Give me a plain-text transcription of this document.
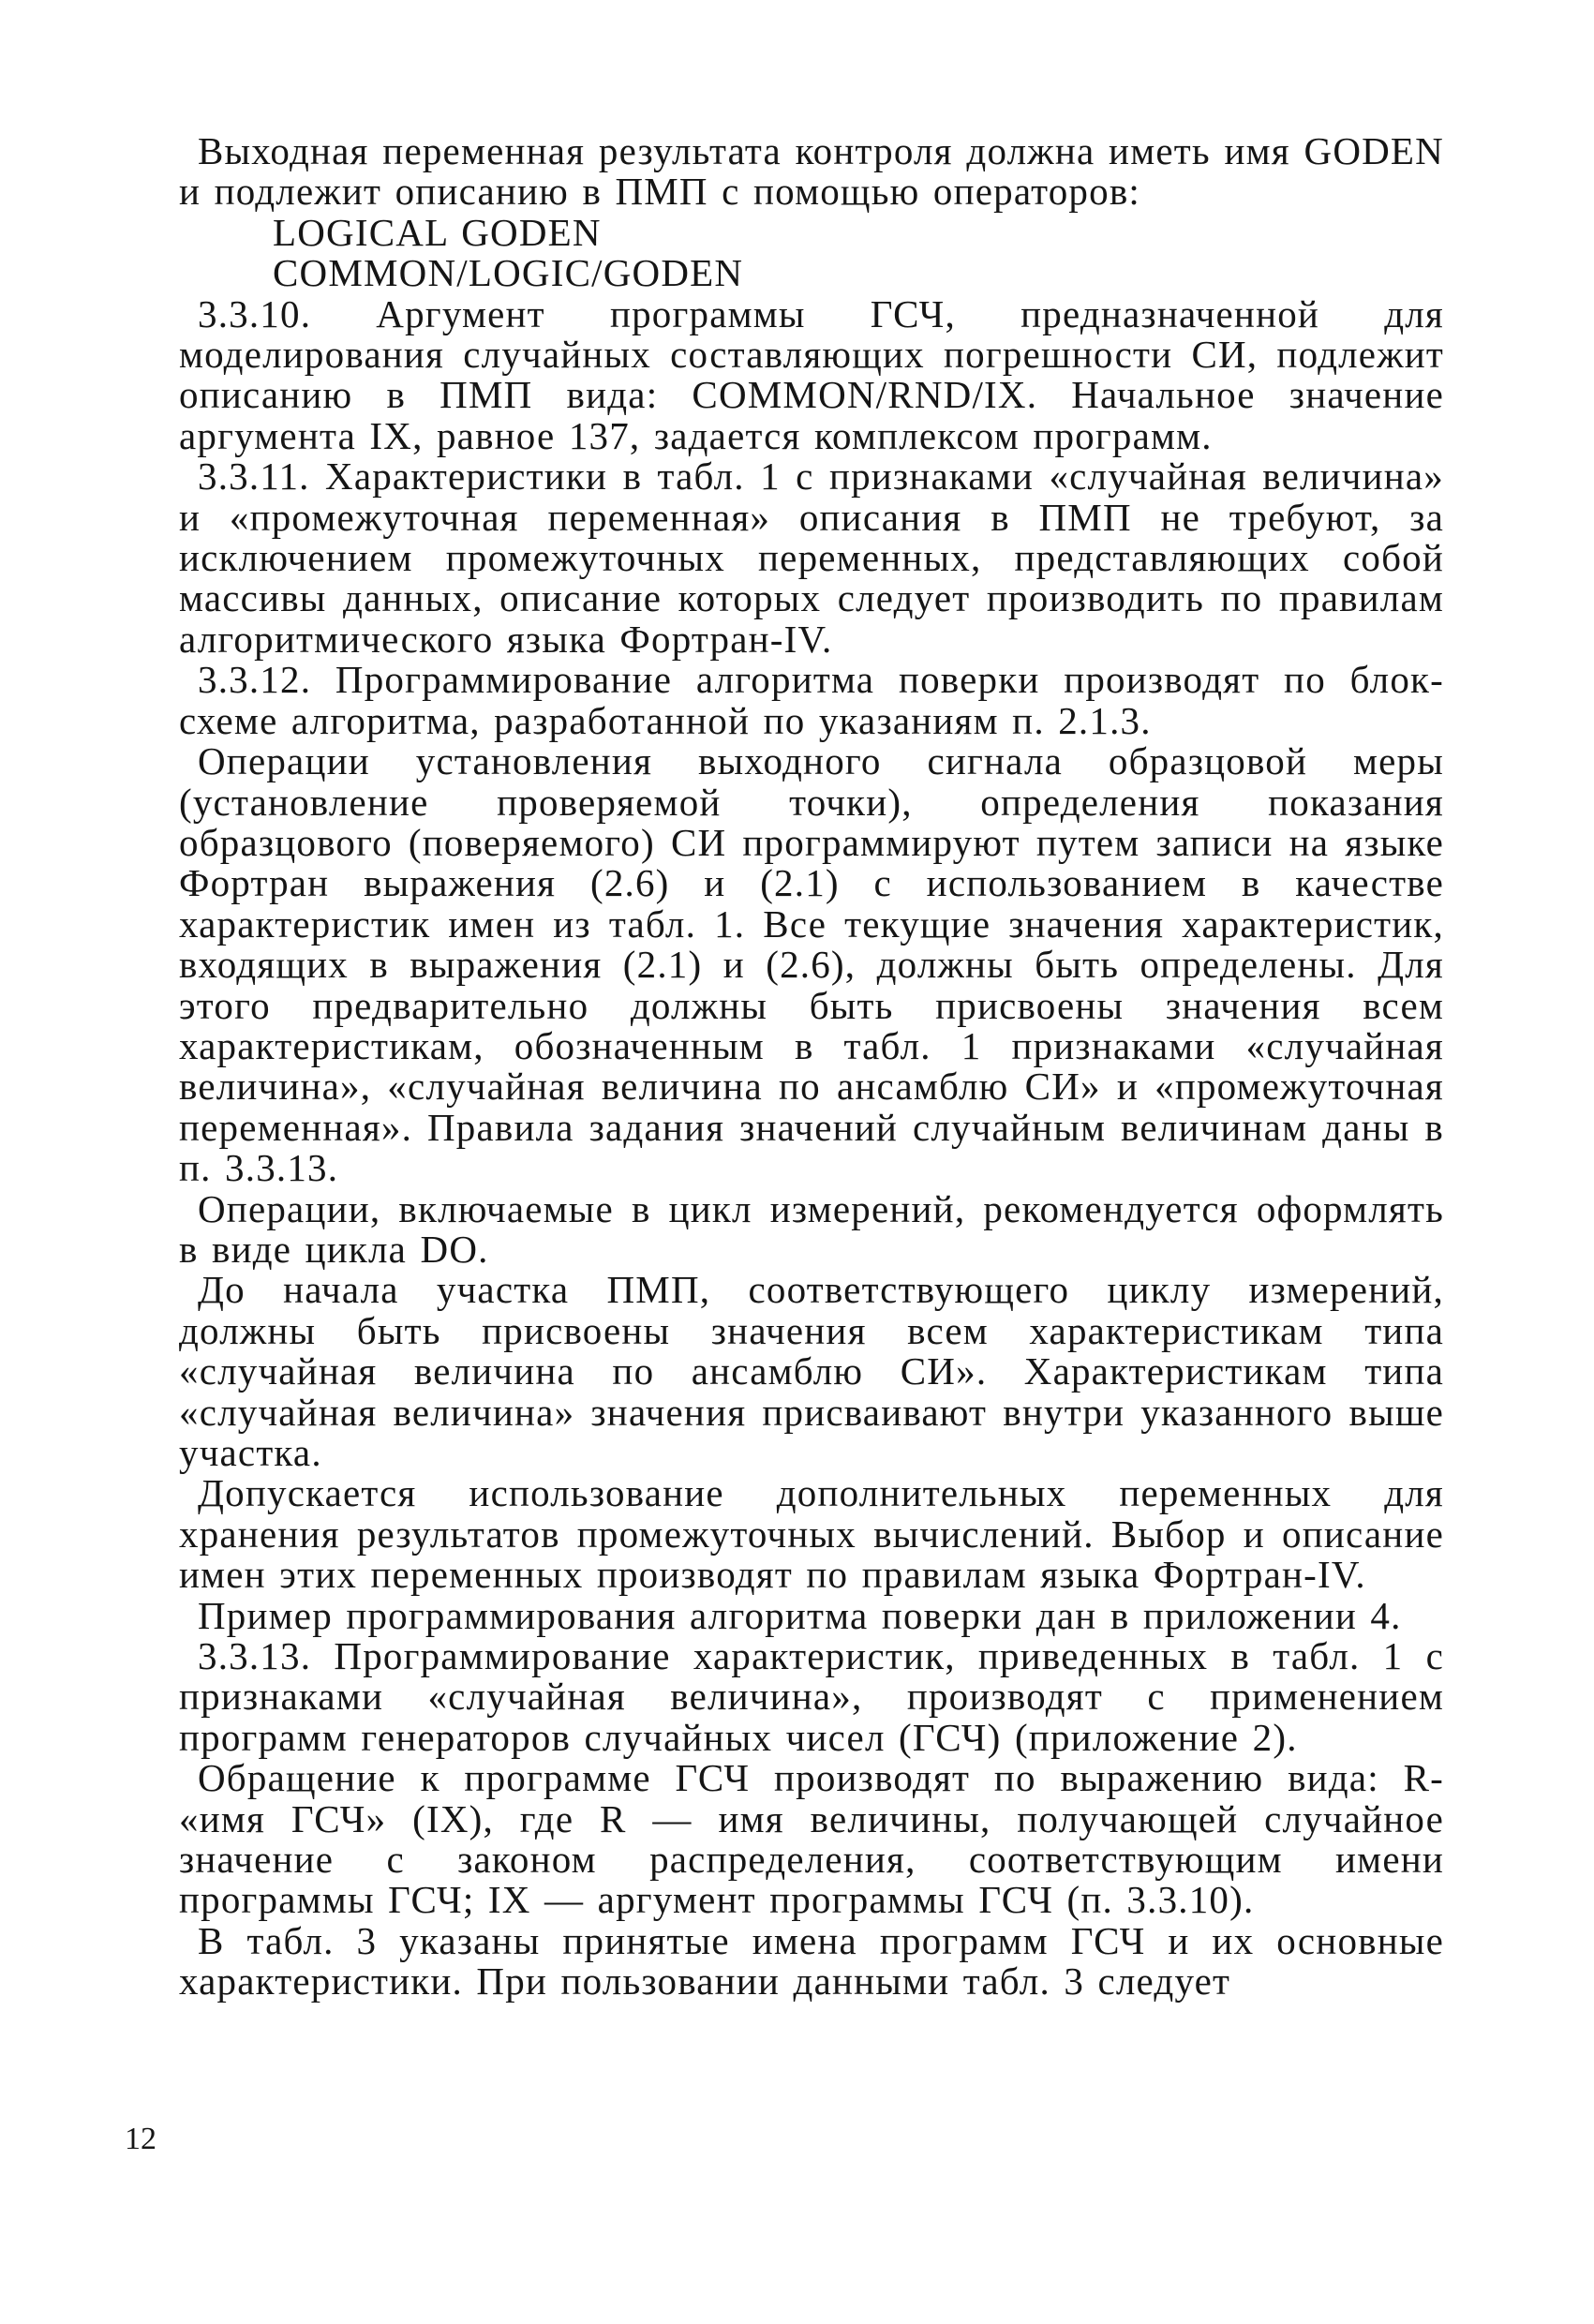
Выходная переменная результата контроля должна иметь имя GODEN и подлежит описанию в ПМП с помощью операторов:

LOGICAL GODEN

COMMON/LOGIC/GODEN

3.3.10. Аргумент программы ГСЧ, предназначенной для моделирования случайных составляющих погрешности СИ, подлежит описанию в ПМП вида: COMMON/RND/IX. Начальное значение аргумента IX, равное 137, задается комплексом программ.

3.3.11. Характеристики в табл. 1 с признаками «случайная величина» и «промежуточная переменная» описания в ПМП не требуют, за исключением промежуточных переменных, представляющих собой массивы данных, описание которых следует производить по правилам алгоритмического языка Фортран-IV.

3.3.12. Программирование алгоритма поверки производят по блок-схеме алгоритма, разработанной по указаниям п. 2.1.3.

Операции установления выходного сигнала образцовой меры (установление проверяемой точки), определения показания образцового (поверяемого) СИ программируют путем записи на языке Фортран выражения (2.6) и (2.1) с использованием в качестве характеристик имен из табл. 1. Все текущие значения характеристик, входящих в выражения (2.1) и (2.6), должны быть определены. Для этого предварительно должны быть присвоены значения всем характеристикам, обозначенным в табл. 1 признаками «случайная величина», «случайная величина по ансамблю СИ» и «промежуточная переменная». Правила задания значений случайным величинам даны в п. 3.3.13.

Операции, включаемые в цикл измерений, рекомендуется оформлять в виде цикла DO.

До начала участка ПМП, соответствующего циклу измерений, должны быть присвоены значения всем характеристикам типа «случайная величина по ансамблю СИ». Характеристикам типа «случайная величина» значения присваивают внутри указанного выше участка.

Допускается использование дополнительных переменных для хранения результатов промежуточных вычислений. Выбор и описание имен этих переменных производят по правилам языка Фортран-IV.

Пример программирования алгоритма поверки дан в приложении 4.

3.3.13. Программирование характеристик, приведенных в табл. 1 с признаками «случайная величина», производят с применением программ генераторов случайных чисел (ГСЧ) (приложение 2).

Обращение к программе ГСЧ производят по выражению вида: R- «имя ГСЧ» (IX), где R — имя величины, получающей случайное значение с законом распределения, соответствующим имени программы ГСЧ; IX — аргумент программы ГСЧ (п. 3.3.10).

В табл. 3 указаны принятые имена программ ГСЧ и их основные характеристики. При пользовании данными табл. 3 следует

12
